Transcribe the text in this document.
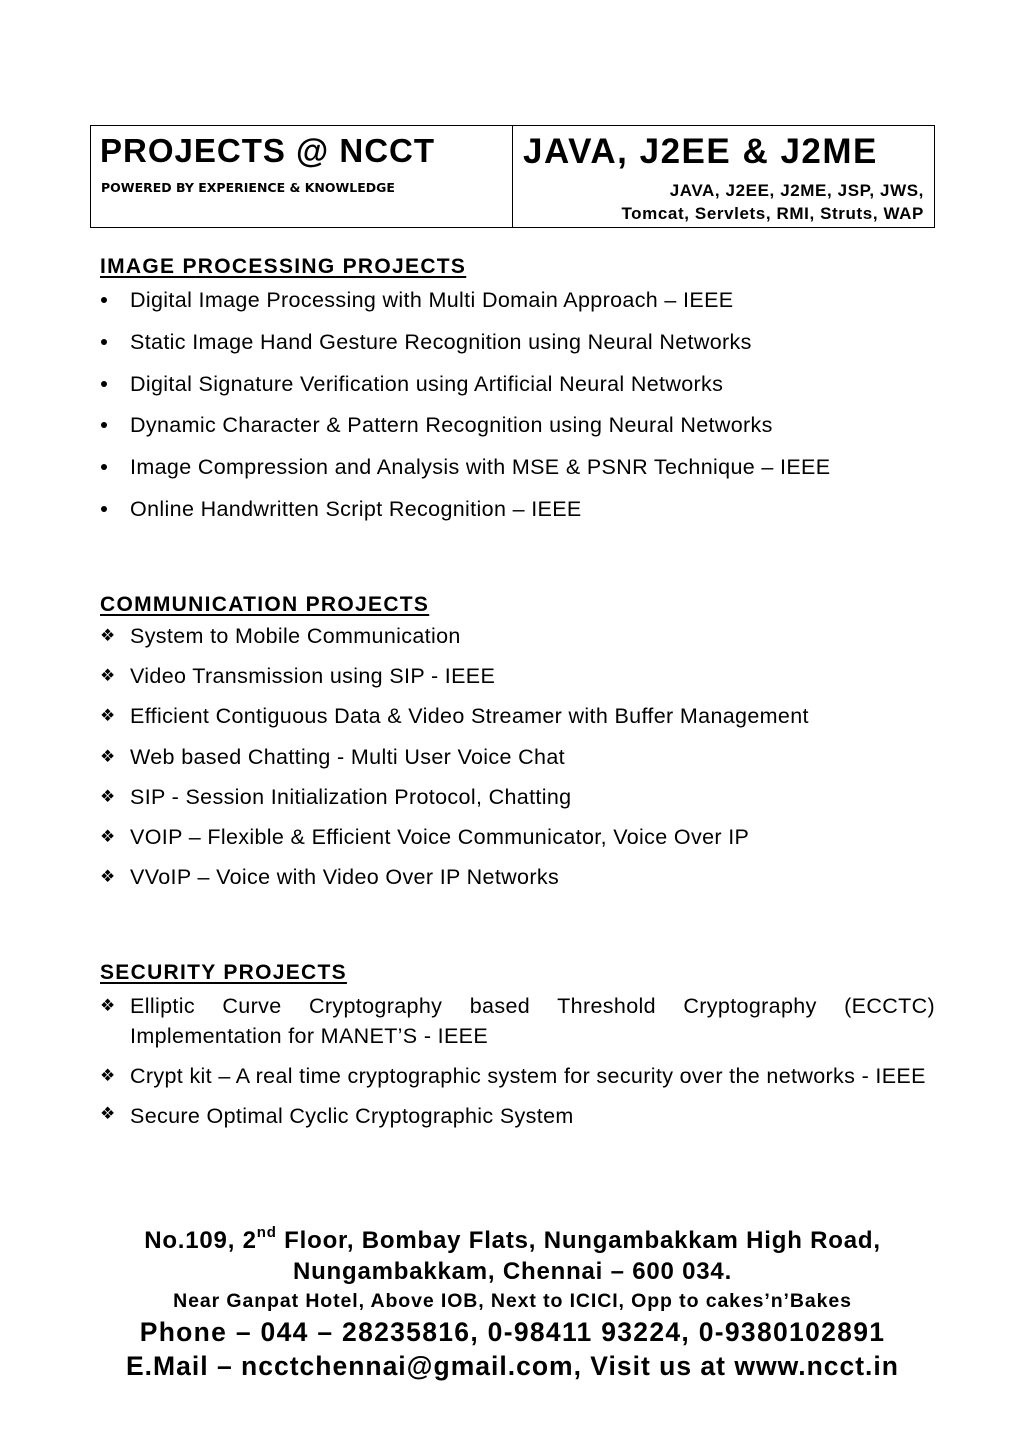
PROJECTS @ NCCT
POWERED BY EXPERIENCE & KNOWLEDGE
JAVA, J2EE & J2ME
JAVA, J2EE, J2ME, JSP, JWS,
Tomcat, Servlets, RMI, Struts, WAP
IMAGE PROCESSING PROJECTS
Digital Image Processing with Multi Domain Approach – IEEE
Static Image Hand Gesture Recognition using Neural Networks
Digital Signature Verification using Artificial Neural Networks
Dynamic Character & Pattern Recognition using Neural Networks
Image Compression and Analysis with MSE & PSNR Technique – IEEE
Online Handwritten Script Recognition – IEEE
COMMUNICATION PROJECTS
❖ System to Mobile Communication
❖ Video Transmission using SIP - IEEE
❖ Efficient Contiguous Data & Video Streamer with Buffer Management
❖ Web based Chatting - Multi User Voice Chat
❖ SIP - Session Initialization Protocol, Chatting
❖ VOIP – Flexible & Efficient Voice Communicator, Voice Over IP
❖ VVoIP – Voice with Video Over IP Networks
SECURITY PROJECTS
❖ Elliptic Curve Cryptography based Threshold Cryptography (ECCTC) Implementation for MANET’S - IEEE
❖ Crypt kit – A real time cryptographic system for security over the networks - IEEE
❖ Secure Optimal Cyclic Cryptographic System
No.109, 2nd Floor, Bombay Flats, Nungambakkam High Road,
Nungambakkam, Chennai – 600 034.
Near Ganpat Hotel, Above IOB, Next to ICICI, Opp to cakes’n’Bakes
Phone – 044 – 28235816, 0-98411 93224, 0-9380102891
E.Mail – ncctchennai@gmail.com, Visit us at www.ncct.in
